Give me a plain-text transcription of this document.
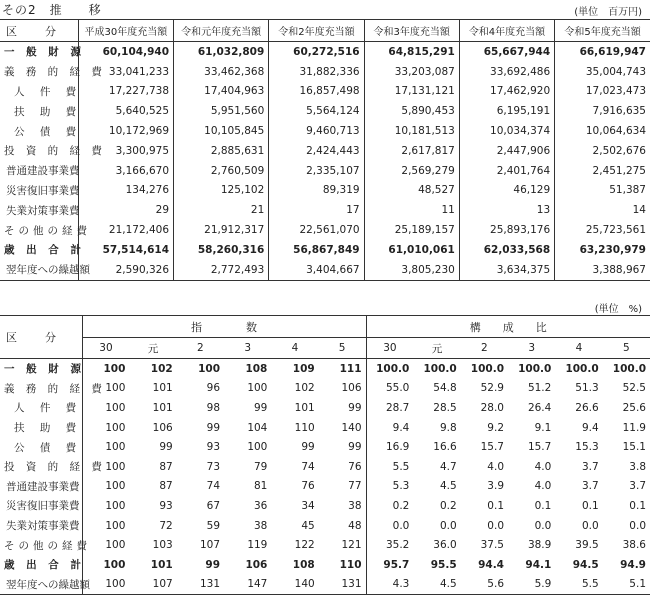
その2　推　　移	(単位　百万円)
区　　分	平成30年度充当額	令和元年度充当額	令和2年度充当額	令和3年度充当額	令和4年度充当額	令和5年度充当額
一 般 財 源	60,104,940	61,032,809	60,272,516	64,815,291	65,667,944	66,619,947
義 務 的 経 費	33,041,233	33,462,368	31,882,336	33,203,087	33,692,486	35,004,743
人 件 費	17,227,738	17,404,963	16,857,498	17,131,121	17,462,920	17,023,473
扶 助 費	5,640,525	5,951,560	5,564,124	5,890,453	6,195,191	7,916,635
公 債 費	10,172,969	10,105,845	9,460,713	10,181,513	10,034,374	10,064,634
投 資 的 経 費	3,300,975	2,885,631	2,424,443	2,617,817	2,447,906	2,502,676
普通建設事業費	3,166,670	2,760,509	2,335,107	2,569,279	2,401,764	2,451,275
災害復旧事業費	134,276	125,102	89,319	48,527	46,129	51,387
失業対策事業費	29	21	17	11	13	14
その他の経費	21,172,406	21,912,317	22,561,070	25,189,157	25,893,176	25,723,561
歳 出 合 計	57,514,614	58,260,316	56,867,849	61,010,061	62,033,568	63,230,979
翌年度への繰越額	2,590,326	2,772,493	3,404,667	3,805,230	3,634,375	3,388,967
(単位　%)
区　　分	指　　　　数						構　　成　　比					
	30	元	2	3	4	5	30	元	2	3	4	5
一 般 財 源	100	102	100	108	109	111	100.0	100.0	100.0	100.0	100.0	100.0
義 務 的 経 費	100	101	96	100	102	106	55.0	54.8	52.9	51.2	51.3	52.5
人 件 費	100	101	98	99	101	99	28.7	28.5	28.0	26.4	26.6	25.6
扶 助 費	100	106	99	104	110	140	9.4	9.8	9.2	9.1	9.4	11.9
公 債 費	100	99	93	100	99	99	16.9	16.6	15.7	15.7	15.3	15.1
投 資 的 経 費	100	87	73	79	74	76	5.5	4.7	4.0	4.0	3.7	3.8
普通建設事業費	100	87	74	81	76	77	5.3	4.5	3.9	4.0	3.7	3.7
災害復旧事業費	100	93	67	36	34	38	0.2	0.2	0.1	0.1	0.1	0.1
失業対策事業費	100	72	59	38	45	48	0.0	0.0	0.0	0.0	0.0	0.0
その他の経費	100	103	107	119	122	121	35.2	36.0	37.5	38.9	39.5	38.6
歳 出 合 計	100	101	99	106	108	110	95.7	95.5	94.4	94.1	94.5	94.9
翌年度への繰越額	100	107	131	147	140	131	4.3	4.5	5.6	5.9	5.5	5.1
